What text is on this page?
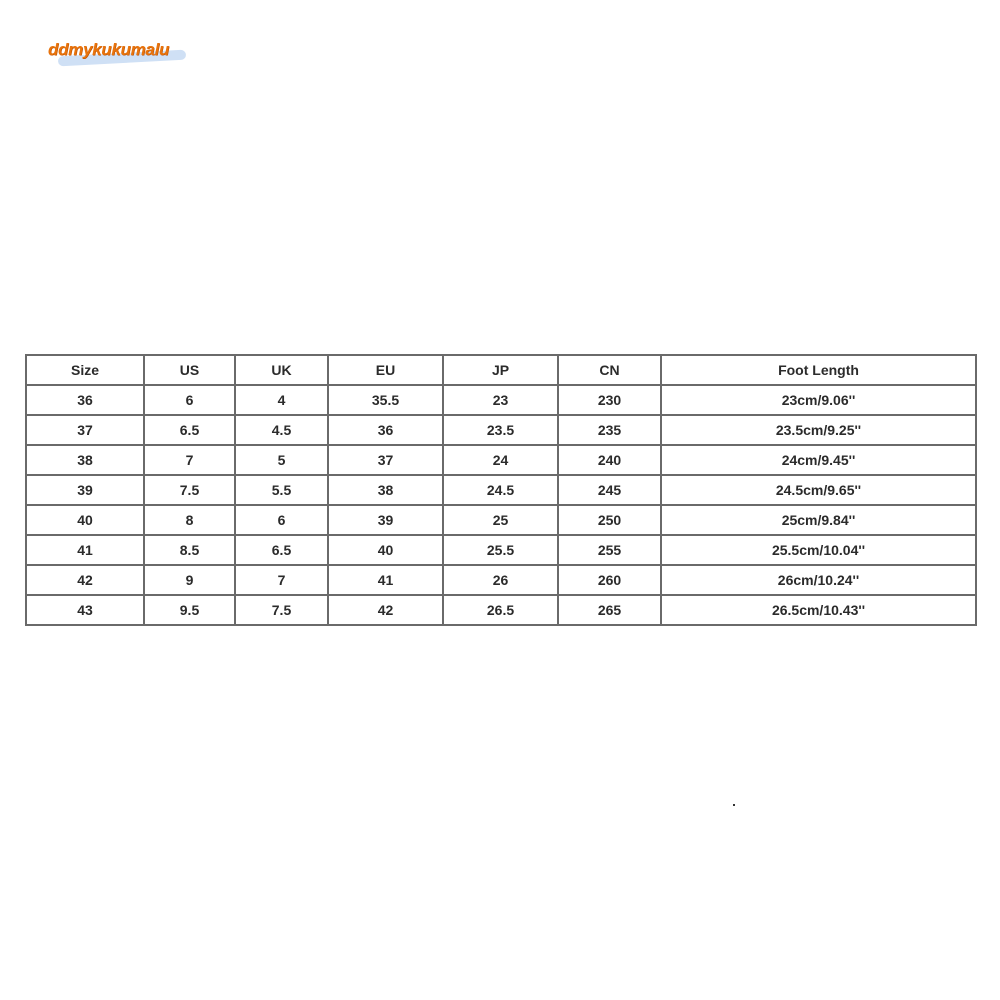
ddmykukumalu
Size	US	UK	EU	JP	CN	Foot Length
36	6	4	35.5	23	230	23cm/9.06''
37	6.5	4.5	36	23.5	235	23.5cm/9.25''
38	7	5	37	24	240	24cm/9.45''
39	7.5	5.5	38	24.5	245	24.5cm/9.65''
40	8	6	39	25	250	25cm/9.84''
41	8.5	6.5	40	25.5	255	25.5cm/10.04''
42	9	7	41	26	260	26cm/10.24''
43	9.5	7.5	42	26.5	265	26.5cm/10.43''
